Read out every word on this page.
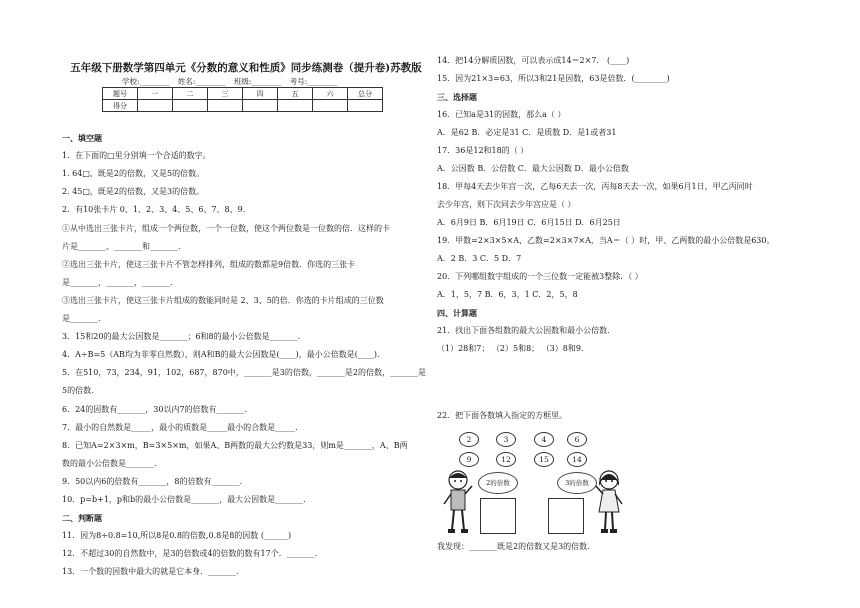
五年级下册数学第四单元《分数的意义和性质》同步练测卷（提升卷)苏教版
学校:________ 姓名:________ 班级:________ 考号:________
题号	一	二	三	四	五	六	总分
得分							
一、填空题
1．在下面的□里分别填一个合适的数字。
1. 64□，既是2的倍数，又是5的倍数。
2. 45□，既是2的倍数，又是3的倍数。
2．有10张卡片 0、1、2、3、4、5、6、7、8、9.
①从中选出三张卡片，组成一个两位数，一个一位数，使这个两位数是一位数的倍．这样的卡
片是_______、_______和_______.
②选出三张卡片，使这三张卡片不管怎样排列，组成的数都是9倍数．你选的三张卡
是_______，_______，_______.
③选出三张卡片，使这三张卡片组成的数能同时是 2、3、5的倍．你选的卡片组成的三位数
是_______.
3．15和20的最大公因数是_______；6和8的最小公倍数是_______.
4．A÷B=5（AB均为非零自然数），则A和B的最大公因数是(____)，最小公倍数是(____).
5．在510，73，234，91，102，687，870中，_______是3的倍数，_______是2的倍数，_______是
5的倍数.
6．24的因数有_______，30以内7的倍数有_______.
7．最小的自然数是_____，最小的质数是_____最小的合数是_____.
8．已知A=2×3×m，B=3×5×m，如果A、B两数的最大公约数是33，则m是_______，A、B两
数的最小公倍数是_______.
9．50以内6的倍数有_______，8的倍数有_______.
10．p=b+1，p和b的最小公倍数是_______，最大公因数是_______.
二、判断题
11．因为8÷0.8=10,所以8是0.8的倍数,0.8是8的因数 (______)
12．不超过30的自然数中，是3的倍数或4的倍数的数有17个．_______.
13．一个数的因数中最大的就是它本身．_______.
14．把14分解质因数，可以表示成14＝2×7． (____)
15．因为21×3=63，所以3和21是因数，63是倍数．(________)
三、选择题
16．已知a是31的因数，那么a（ ）
A．是62 B．必定是31 C．是质数 D．是1或者31
17．36是12和18的（ ）
A．公因数 B．公倍数 C．最大公因数 D．最小公倍数
18．甲每4天去少年宫一次，乙每6天去一次，丙每8天去一次，如果6月1日，甲乙丙同时
去少年宫，则下次同去少年宫应是（ ）
A．6月9日 B．6月19日 C．6月15日 D．6月25日
19．甲数=2×3×5×A，乙数=2×3×7×A，当A＝（ ）时，甲、乙两数的最小公倍数是630。
A．2 B．3 C．5 D．7
20．下列哪组数字组成的一个三位数一定能被3整除．（ ）
A．1，5，7 B．6，3，1 C．2，5，8
四、计算题
21．找出下面各组数的最大公因数和最小公倍数.
（1）28和7； （2）5和8； （3）8和9.
22．把下面各数填入指定的方框里。
2	3	4	6
9	12	15	14
2的倍数	3的倍数
我发现：_______既是2的倍数又是3的倍数.
